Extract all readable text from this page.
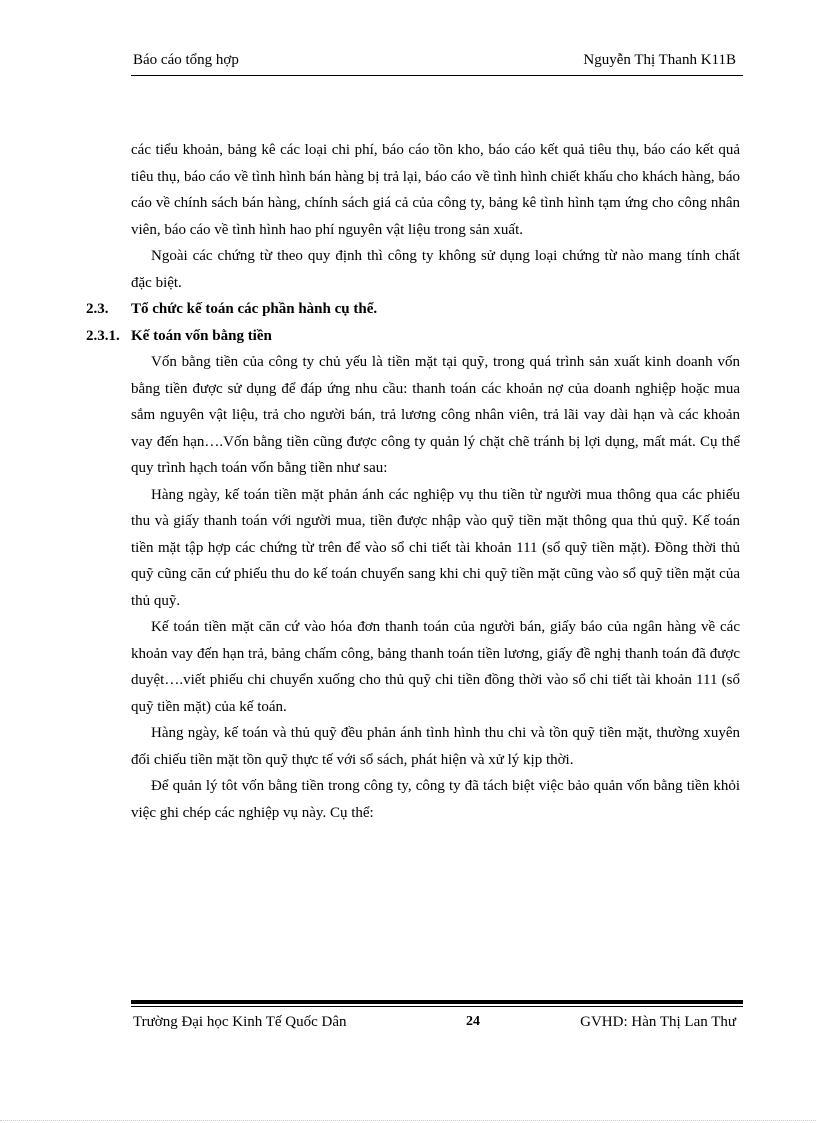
Báo cáo tổng hợp	Nguyễn Thị Thanh K11B

các tiểu khoản, bảng kê các loại chi phí, báo cáo tồn kho, báo cáo kết quả tiêu thụ, báo cáo kết quả tiêu thụ, báo cáo về tình hình bán hàng bị trả lại, báo cáo về tình hình chiết khấu cho khách hàng, báo cáo về chính sách bán hàng, chính sách giá cả của công ty, bảng kê tình hình tạm ứng cho công nhân viên, báo cáo về tình hình hao phí nguyên vật liệu trong sản xuất.

Ngoài các chứng từ theo quy định thì công ty không sử dụng loại chứng từ nào mang tính chất đặc biệt.

2.3. Tổ chức kế toán các phần hành cụ thể.
2.3.1. Kế toán vốn bằng tiền

Vốn bằng tiền của công ty chủ yếu là tiền mặt tại quỹ, trong quá trình sản xuất kinh doanh vốn bằng tiền được sử dụng để đáp ứng nhu cầu: thanh toán các khoản nợ của doanh nghiệp hoặc mua sắm nguyên vật liệu, trả cho người bán, trả lương công nhân viên, trả lãi vay dài hạn và các khoản vay đến hạn….Vốn bằng tiền cũng được công ty quản lý chặt chẽ tránh bị lợi dụng, mất mát. Cụ thể quy trình hạch toán vốn bằng tiền như sau:

Hàng ngày, kế toán tiền mặt phản ánh các nghiệp vụ thu tiền từ người mua thông qua các phiếu thu và giấy thanh toán với người mua, tiền được nhập vào quỹ tiền mặt thông qua thủ quỹ. Kế toán tiền mặt tập hợp các chứng từ trên để vào sổ chi tiết tài khoản 111 (sổ quỹ tiền mặt). Đồng thời thủ quỹ cũng căn cứ phiếu thu do kế toán chuyển sang khi chi quỹ tiền mặt cũng vào sổ quỹ tiền mặt của thủ quỹ.

Kế toán tiền mặt căn cứ vào hóa đơn thanh toán của người bán, giấy báo của ngân hàng về các khoản vay đến hạn trả, bảng chấm công, bảng thanh toán tiền lương, giấy đề nghị thanh toán đã được duyệt….viết phiếu chi chuyển xuống cho thủ quỹ chi tiền đồng thời vào sổ chi tiết tài khoản 111 (sổ quỹ tiền mặt) của kế toán.

Hàng ngày, kế toán và thủ quỹ đều phản ánh tình hình thu chi và tồn quỹ tiền mặt, thường xuyên đối chiếu tiền mặt tồn quỹ thực tế với sổ sách, phát hiện và xử lý kịp thời.

Để quản lý tôt vốn bằng tiền trong công ty, công ty đã tách biệt việc bảo quản vốn bằng tiền khỏi việc ghi chép các nghiệp vụ này. Cụ thể:

Trường Đại học Kinh Tế Quốc Dân	24	GVHD: Hàn Thị Lan Thư
